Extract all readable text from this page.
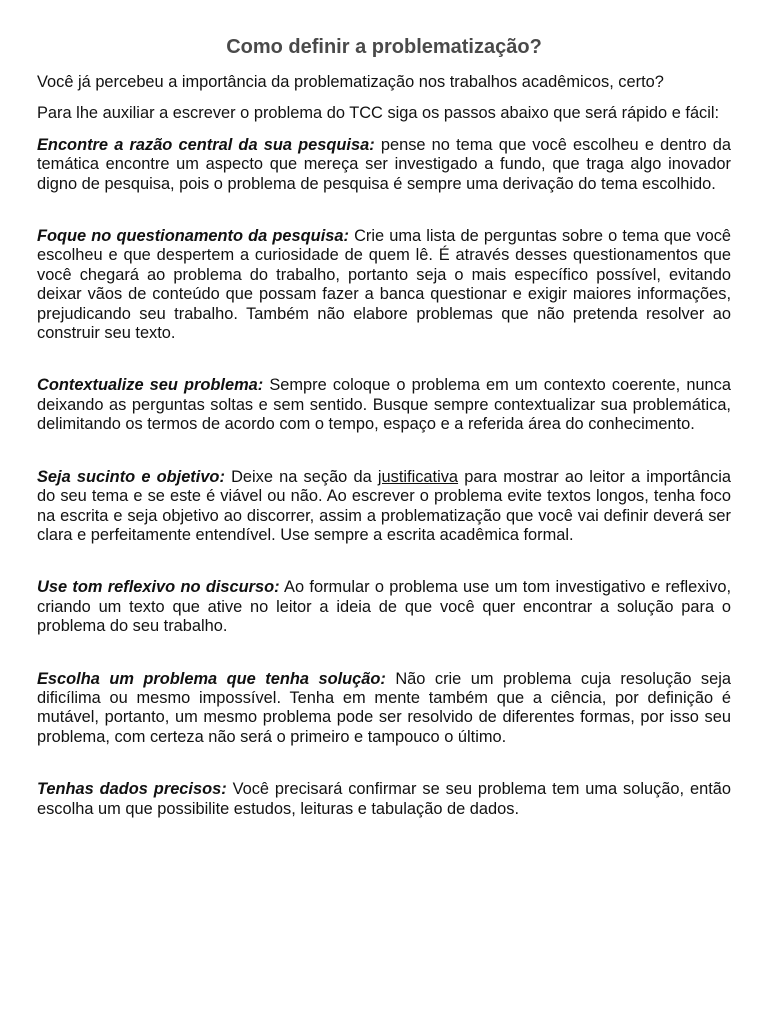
Como definir a problematização?

Você já percebeu a importância da problematização nos trabalhos acadêmicos, certo?

Para lhe auxiliar a escrever o problema do TCC siga os passos abaixo que será rápido e fácil:

Encontre a razão central da sua pesquisa: pense no tema que você escolheu e dentro da temática encontre um aspecto que mereça ser investigado a fundo, que traga algo inovador digno de pesquisa, pois o problema de pesquisa é sempre uma derivação do tema escolhido.

Foque no questionamento da pesquisa: Crie uma lista de perguntas sobre o tema que você escolheu e que despertem a curiosidade de quem lê. É através desses questionamentos que você chegará ao problema do trabalho, portanto seja o mais específico possível, evitando deixar vãos de conteúdo que possam fazer a banca questionar e exigir maiores informações, prejudicando seu trabalho. Também não elabore problemas que não pretenda resolver ao construir seu texto.

Contextualize seu problema: Sempre coloque o problema em um contexto coerente, nunca deixando as perguntas soltas e sem sentido. Busque sempre contextualizar sua problemática, delimitando os termos de acordo com o tempo, espaço e a referida área do conhecimento.

Seja sucinto e objetivo: Deixe na seção da justificativa para mostrar ao leitor a importância do seu tema e se este é viável ou não. Ao escrever o problema evite textos longos, tenha foco na escrita e seja objetivo ao discorrer, assim a problematização que você vai definir deverá ser clara e perfeitamente entendível. Use sempre a escrita acadêmica formal.

Use tom reflexivo no discurso: Ao formular o problema use um tom investigativo e reflexivo, criando um texto que ative no leitor a ideia de que você quer encontrar a solução para o problema do seu trabalho.

Escolha um problema que tenha solução: Não crie um problema cuja resolução seja dificílima ou mesmo impossível. Tenha em mente também que a ciência, por definição é mutável, portanto, um mesmo problema pode ser resolvido de diferentes formas, por isso seu problema, com certeza não será o primeiro e tampouco o último.

Tenhas dados precisos: Você precisará confirmar se seu problema tem uma solução, então escolha um que possibilite estudos, leituras e tabulação de dados.
